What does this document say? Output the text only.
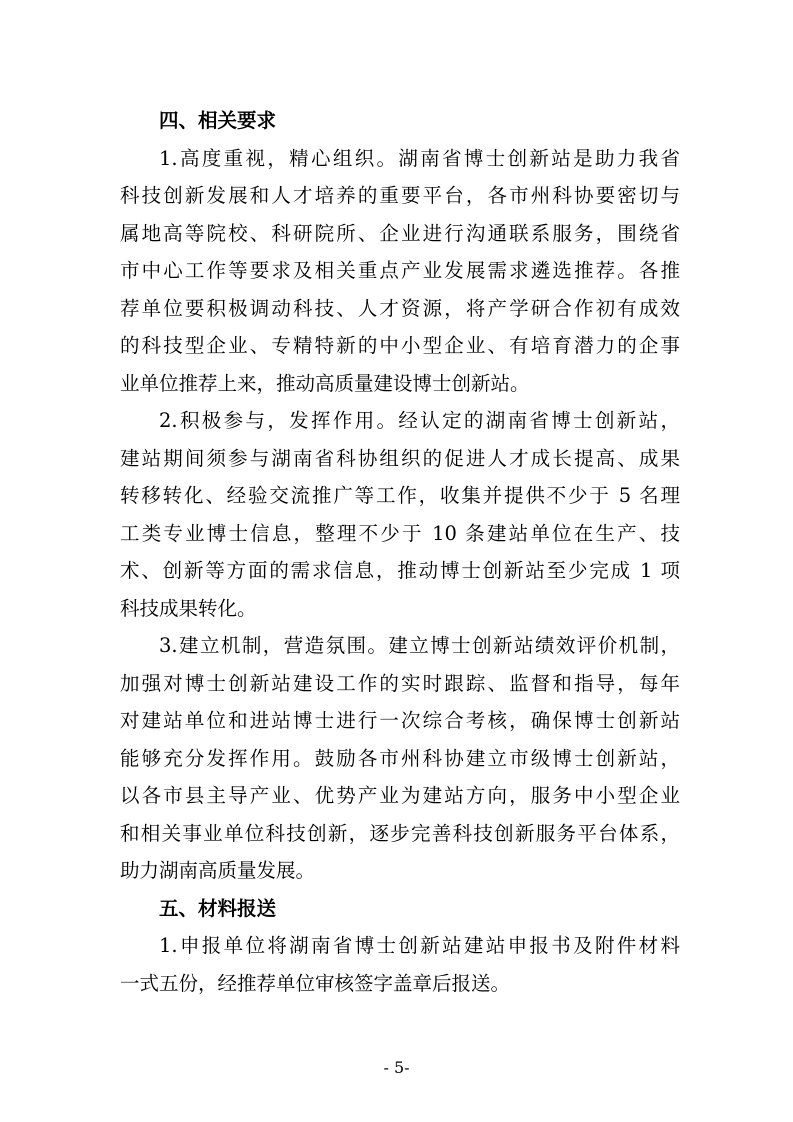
四、相关要求
1.高度重视，精心组织。湖南省博士创新站是助力我省
科技创新发展和人才培养的重要平台，各市州科协要密切与
属地高等院校、科研院所、企业进行沟通联系服务，围绕省
市中心工作等要求及相关重点产业发展需求遴选推荐。各推
荐单位要积极调动科技、人才资源，将产学研合作初有成效
的科技型企业、专精特新的中小型企业、有培育潜力的企事
业单位推荐上来，推动高质量建设博士创新站。
2.积极参与，发挥作用。经认定的湖南省博士创新站，
建站期间须参与湖南省科协组织的促进人才成长提高、成果
转移转化、经验交流推广等工作，收集并提供不少于 5 名理
工类专业博士信息，整理不少于 10 条建站单位在生产、技
术、创新等方面的需求信息，推动博士创新站至少完成 1 项
科技成果转化。
3.建立机制，营造氛围。建立博士创新站绩效评价机制，
加强对博士创新站建设工作的实时跟踪、监督和指导，每年
对建站单位和进站博士进行一次综合考核，确保博士创新站
能够充分发挥作用。鼓励各市州科协建立市级博士创新站，
以各市县主导产业、优势产业为建站方向，服务中小型企业
和相关事业单位科技创新，逐步完善科技创新服务平台体系，
助力湖南高质量发展。
五、材料报送
1.申报单位将湖南省博士创新站建站申报书及附件材料
一式五份，经推荐单位审核签字盖章后报送。
- 5-
